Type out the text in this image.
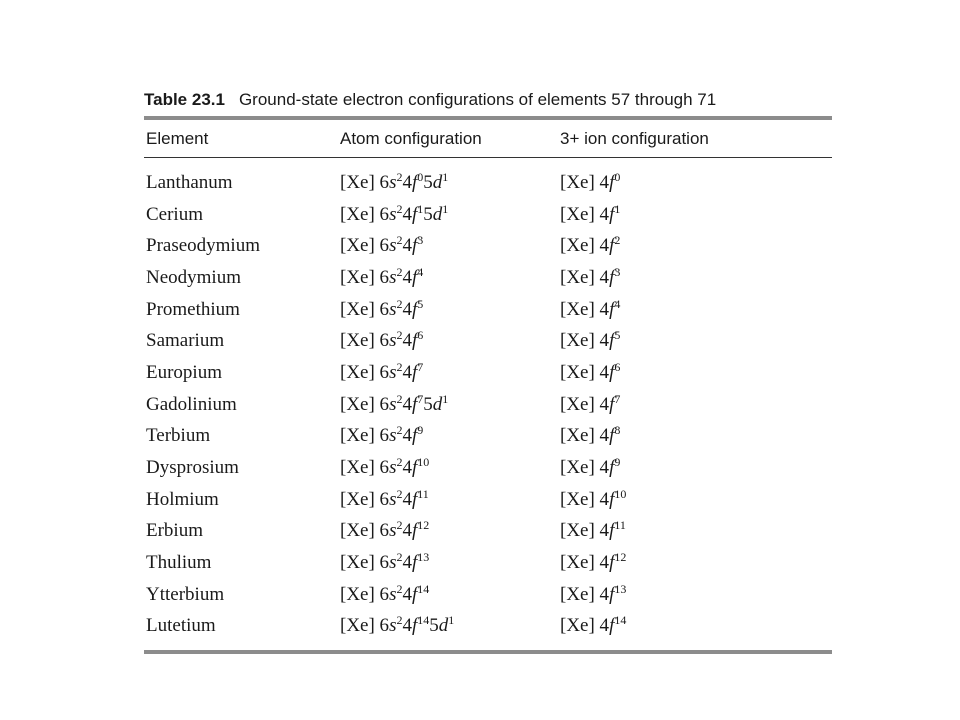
Table 23.1 Ground-state electron configurations of elements 57 through 71
Element	Atom configuration	3+ ion configuration
Lanthanum	[Xe] $6s^24f^05d^1$	[Xe] $4f^0$
Cerium	[Xe] $6s^24f^15d^1$	[Xe] $4f^1$
Praseodymium	[Xe] $6s^24f^3$	[Xe] $4f^2$
Neodymium	[Xe] $6s^24f^4$	[Xe] $4f^3$
Promethium	[Xe] $6s^24f^5$	[Xe] $4f^4$
Samarium	[Xe] $6s^24f^6$	[Xe] $4f^5$
Europium	[Xe] $6s^24f^7$	[Xe] $4f^6$
Gadolinium	[Xe] $6s^24f^75d^1$	[Xe] $4f^7$
Terbium	[Xe] $6s^24f^9$	[Xe] $4f^8$
Dysprosium	[Xe] $6s^24f^{10}$	[Xe] $4f^9$
Holmium	[Xe] $6s^24f^{11}$	[Xe] $4f^{10}$
Erbium	[Xe] $6s^24f^{12}$	[Xe] $4f^{11}$
Thulium	[Xe] $6s^24f^{13}$	[Xe] $4f^{12}$
Ytterbium	[Xe] $6s^24f^{14}$	[Xe] $4f^{13}$
Lutetium	[Xe] $6s^24f^{14}5d^1$	[Xe] $4f^{14}$
